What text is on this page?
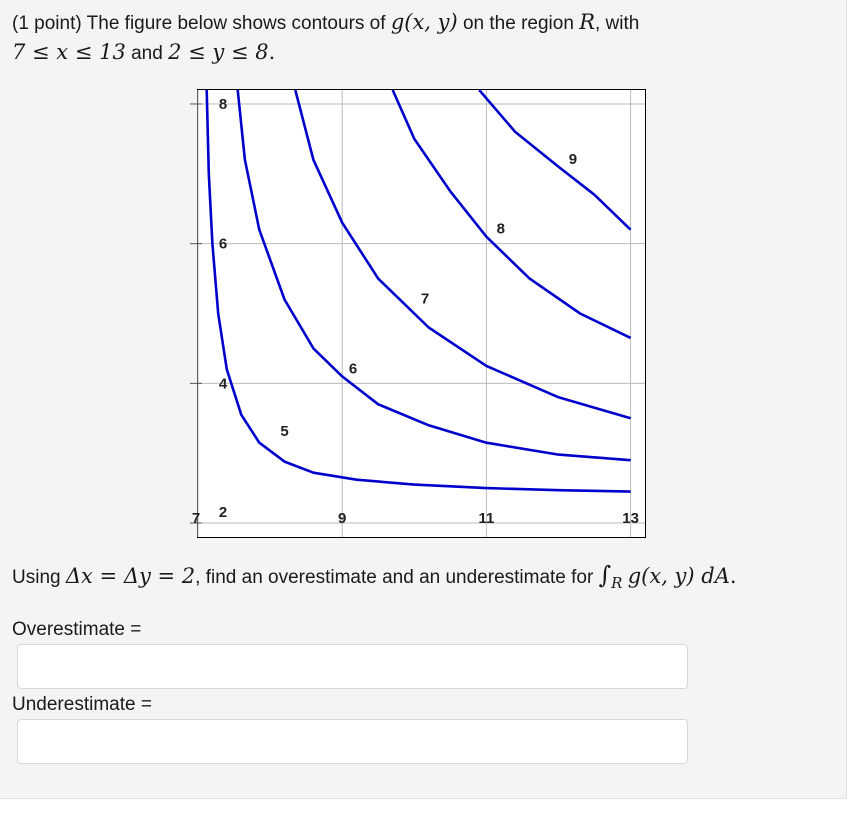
(1 point) The figure below shows contours of g(x, y) on the region R, with
7 ≤ x ≤ 13 and 2 ≤ y ≤ 8.
5
6
7
8
9
7	9	11	13
2
4
6
8
Using Δx = Δy = 2, find an overestimate and an underestimate for $\int_R$ g(x, y) dA.
Overestimate =
Underestimate =
